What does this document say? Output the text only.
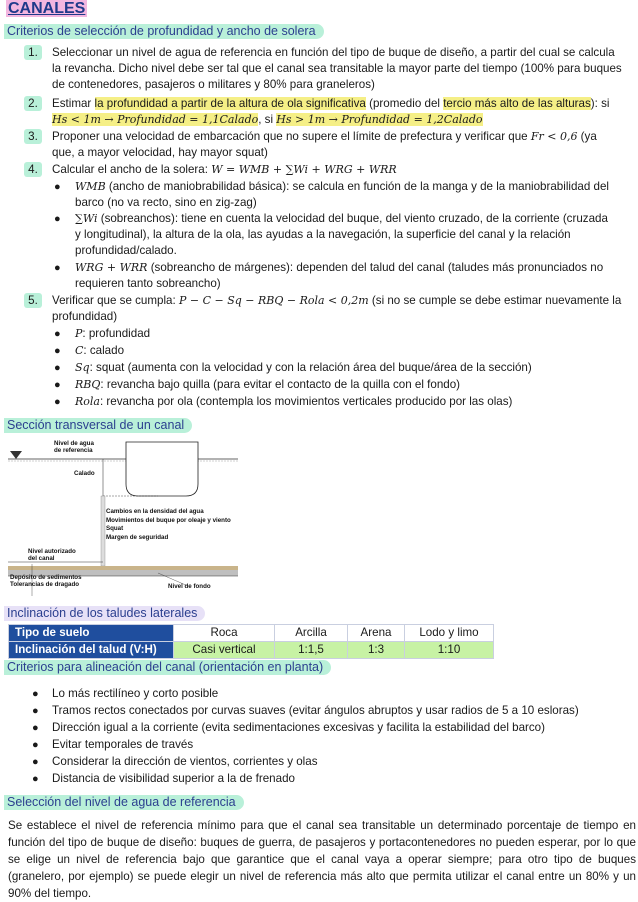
CANALES
Criterios de selección de profundidad y ancho de solera
1.	Seleccionar un nivel de agua de referencia en función del tipo de buque de diseño, a partir del cual se calcula
la revancha. Dicho nivel debe ser tal que el canal sea transitable la mayor parte del tiempo (100% para buques
de contenedores, pasajeros o militares y 80% para graneleros)
2.	Estimar la profundidad a partir de la altura de ola significativa (promedio del tercio más alto de las alturas): si
Hs < 1m → Profundidad = 1,1Calado, si Hs > 1m → Profundidad = 1,2Calado
3.	Proponer una velocidad de embarcación que no supere el límite de prefectura y verificar que Fr < 0,6 (ya
que, a mayor velocidad, hay mayor squat)
4.	Calcular el ancho de la solera: W = WMB + ∑Wi + WRG + WRR
● WMB (ancho de maniobrabilidad básica): se calcula en función de la manga y de la maniobrabilidad del
barco (no va recto, sino en zig-zag)
● ∑Wi (sobreanchos): tiene en cuenta la velocidad del buque, del viento cruzado, de la corriente (cruzada
y longitudinal), la altura de la ola, las ayudas a la navegación, la superficie del canal y la relación
profundidad/calado.
● WRG + WRR (sobreancho de márgenes): dependen del talud del canal (taludes más pronunciados no
requieren tanto sobreancho)
5.	Verificar que se cumpla: P − C − Sq − RBQ − Rola < 0,2m (si no se cumple se debe estimar nuevamente la
profundidad)
● P: profundidad
● C: calado
● Sq: squat (aumenta con la velocidad y con la relación área del buque/área de la sección)
● RBQ: revancha bajo quilla (para evitar el contacto de la quilla con el fondo)
● Rola: revancha por ola (contempla los movimientos verticales producido por las olas)
Sección transversal de un canal
Nivel de agua
de referencia
Calado
Cambios en la densidad del agua
Movimientos del buque por oleaje y viento
Squat
Margen de seguridad
Nivel autorizado
del canal
Depósito de sedimentos
Tolerancias de dragado	Nivel de fondo
Inclinación de los taludes laterales
Tipo de suelo	Roca	Arcilla	Arena	Lodo y limo
Inclinación del talud (V:H)	Casi vertical	1:1,5	1:3	1:10
Criterios para alineación del canal (orientación en planta)
● Lo más rectilíneo y corto posible
● Tramos rectos conectados por curvas suaves (evitar ángulos abruptos y usar radios de 5 a 10 esloras)
● Dirección igual a la corriente (evita sedimentaciones excesivas y facilita la estabilidad del barco)
● Evitar temporales de través
● Considerar la dirección de vientos, corrientes y olas
● Distancia de visibilidad superior a la de frenado
Selección del nivel de agua de referencia
Se establece el nivel de referencia mínimo para que el canal sea transitable un determinado porcentaje de tiempo en función del tipo de buque de diseño: buques de guerra, de pasajeros y portacontenedores no pueden esperar, por lo que se elige un nivel de referencia bajo que garantice que el canal vaya a operar siempre; para otro tipo de buques (granelero, por ejemplo) se puede elegir un nivel de referencia más alto que permita utilizar el canal entre un 80% y un 90% del tiempo.
